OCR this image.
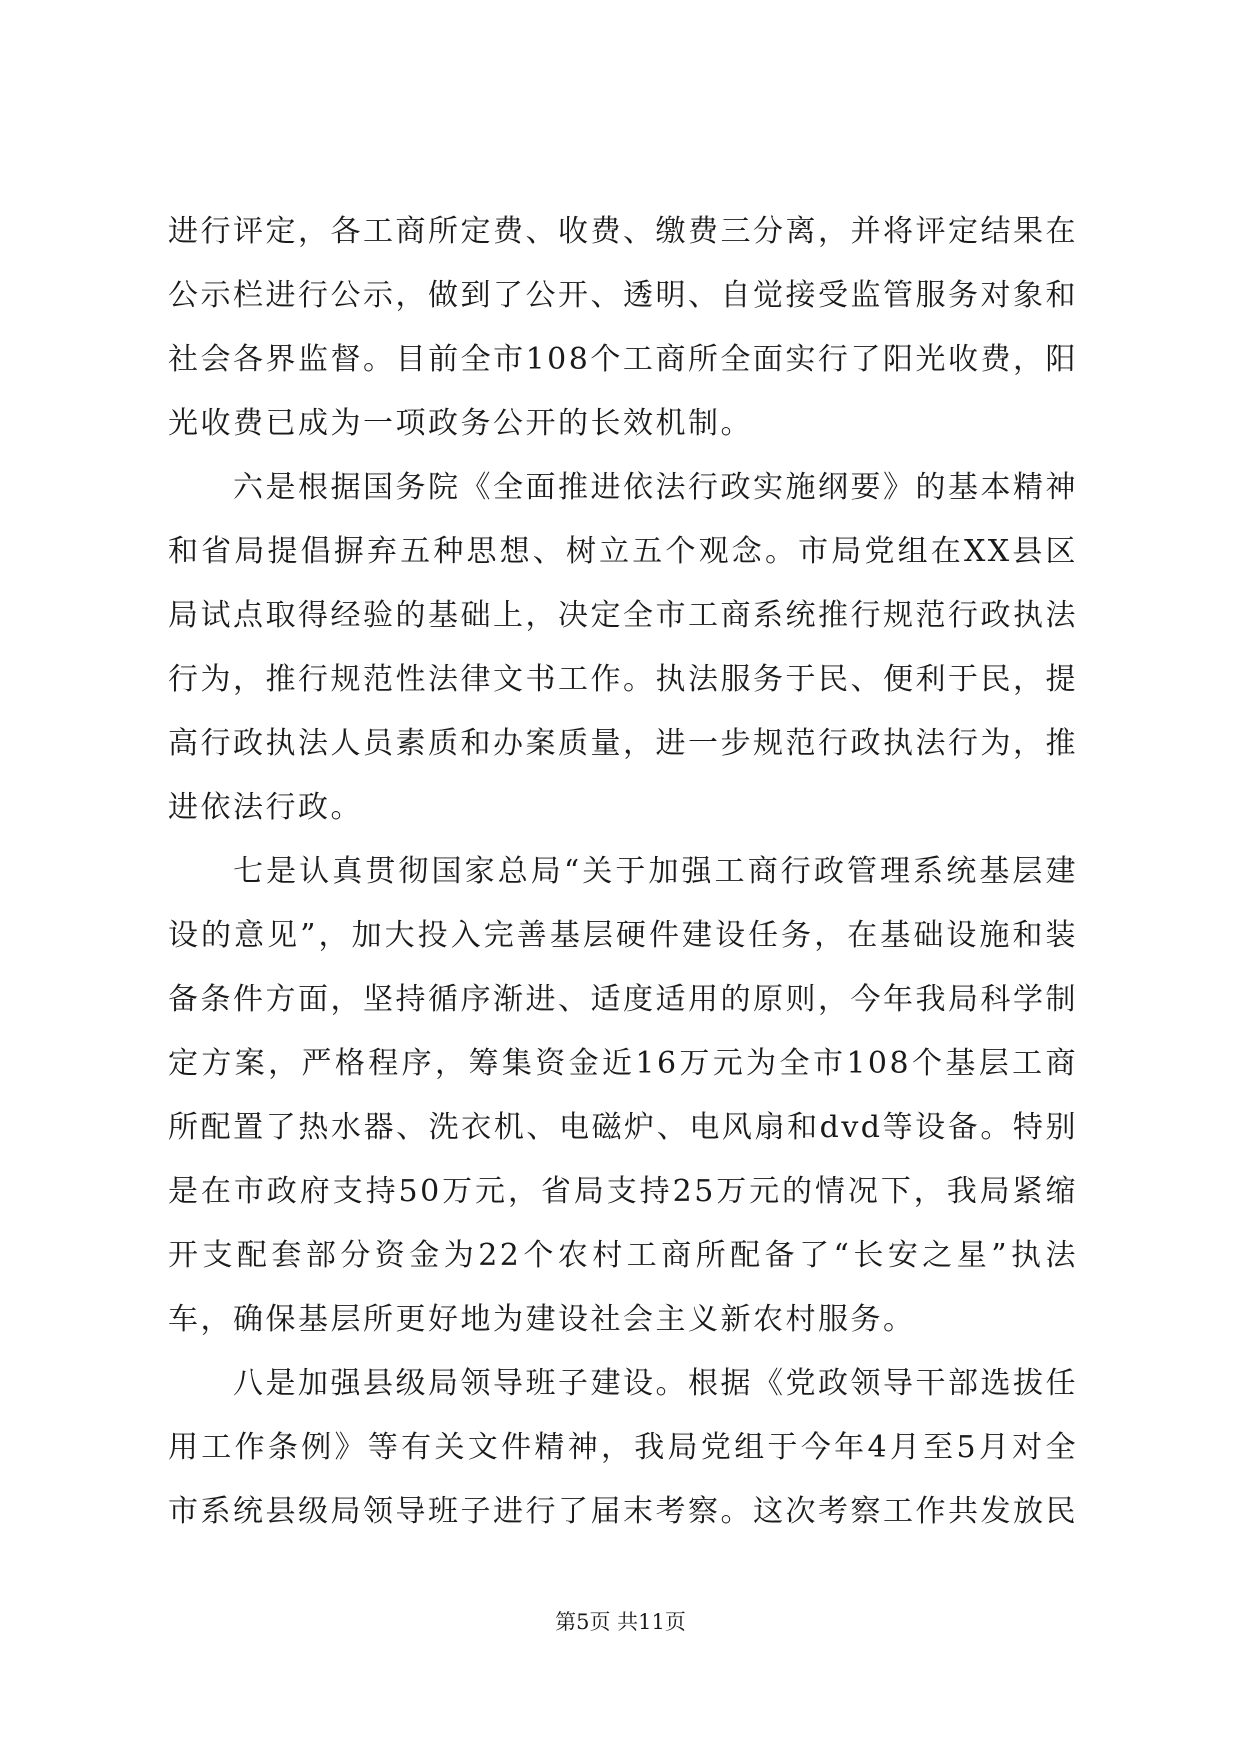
进行评定，各工商所定费、收费、缴费三分离，并将评定结果在公示栏进行公示，做到了公开、透明、自觉接受监管服务对象和社会各界监督。目前全市108个工商所全面实行了阳光收费，阳光收费已成为一项政务公开的长效机制。

六是根据国务院《全面推进依法行政实施纲要》的基本精神和省局提倡摒弃五种思想、树立五个观念。市局党组在XX县区局试点取得经验的基础上，决定全市工商系统推行规范行政执法行为，推行规范性法律文书工作。执法服务于民、便利于民，提高行政执法人员素质和办案质量，进一步规范行政执法行为，推进依法行政。

七是认真贯彻国家总局“关于加强工商行政管理系统基层建设的意见”，加大投入完善基层硬件建设任务，在基础设施和装备条件方面，坚持循序渐进、适度适用的原则，今年我局科学制定方案，严格程序，筹集资金近16万元为全市108个基层工商所配置了热水器、洗衣机、电磁炉、电风扇和dvd等设备。特别是在市政府支持50万元，省局支持25万元的情况下，我局紧缩开支配套部分资金为22个农村工商所配备了“长安之星”执法车，确保基层所更好地为建设社会主义新农村服务。

八是加强县级局领导班子建设。根据《党政领导干部选拔任用工作条例》等有关文件精神，我局党组于今年4月至5月对全市系统县级局领导班子进行了届末考察。这次考察工作共发放民

第5页 共11页
